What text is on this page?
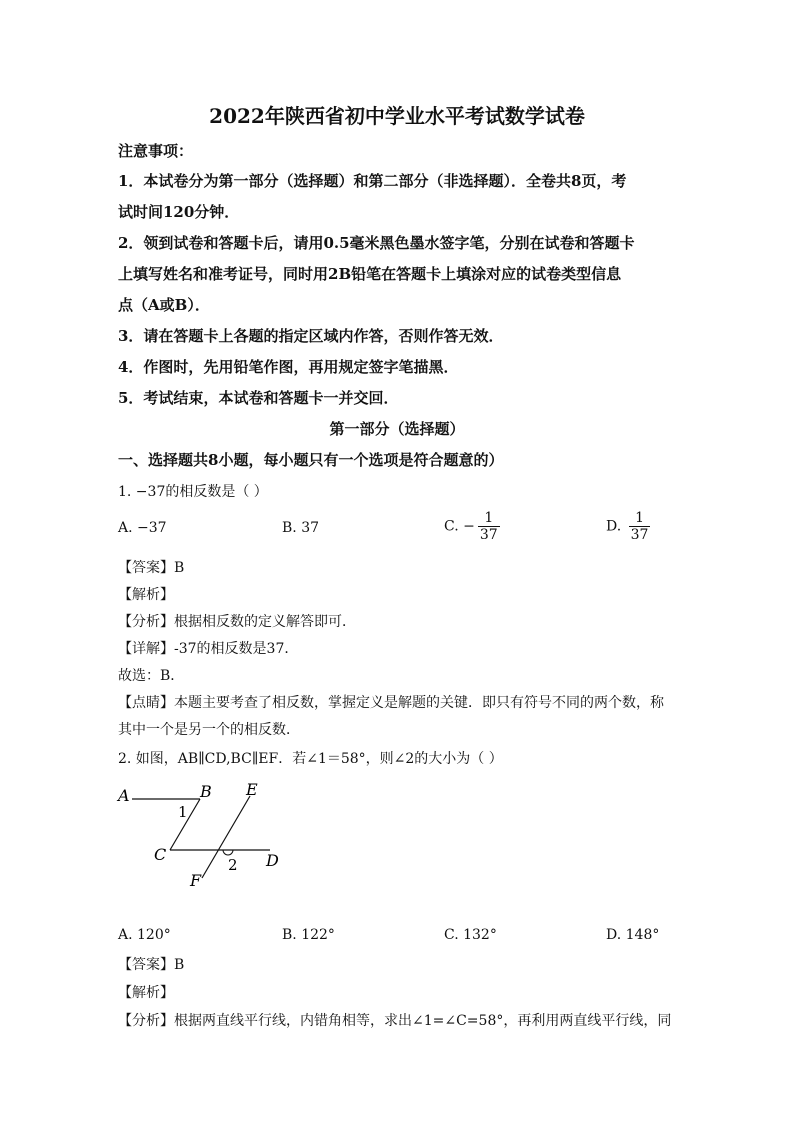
2022年陕西省初中学业水平考试数学试卷
注意事项：
1．本试卷分为第一部分（选择题）和第二部分（非选择题）．全卷共8页，考
试时间120分钟．
2．领到试卷和答题卡后，请用0.5毫米黑色墨水签字笔，分别在试卷和答题卡
上填写姓名和准考证号，同时用2B铅笔在答题卡上填涂对应的试卷类型信息
点（A或B）．
3．请在答题卡上各题的指定区域内作答，否则作答无效．
4．作图时，先用铅笔作图，再用规定签字笔描黑．
5．考试结束，本试卷和答题卡一并交回．
第一部分（选择题）
一、选择题共8小题，每小题只有一个选项是符合题意的）
1. −37的相反数是（ ）
A. −37	B. 37	C. − $\frac{1}{37}$	D. $\frac{1}{37}$
【答案】B
【解析】
【分析】根据相反数的定义解答即可．
【详解】-37的相反数是37．
故选：B．
【点睛】本题主要考查了相反数，掌握定义是解题的关键．即只有符号不同的两个数，称
其中一个是另一个的相反数．
2. 如图，AB∥CD,BC∥EF．若∠1＝58°，则∠2的大小为（ ）
A	B E
1
C
2 D
F
A. 120°	B. 122°	C. 132°	D. 148°
【答案】B
【解析】
【分析】根据两直线平行线，内错角相等，求出∠1=∠C=58°，再利用两直线平行线，同
